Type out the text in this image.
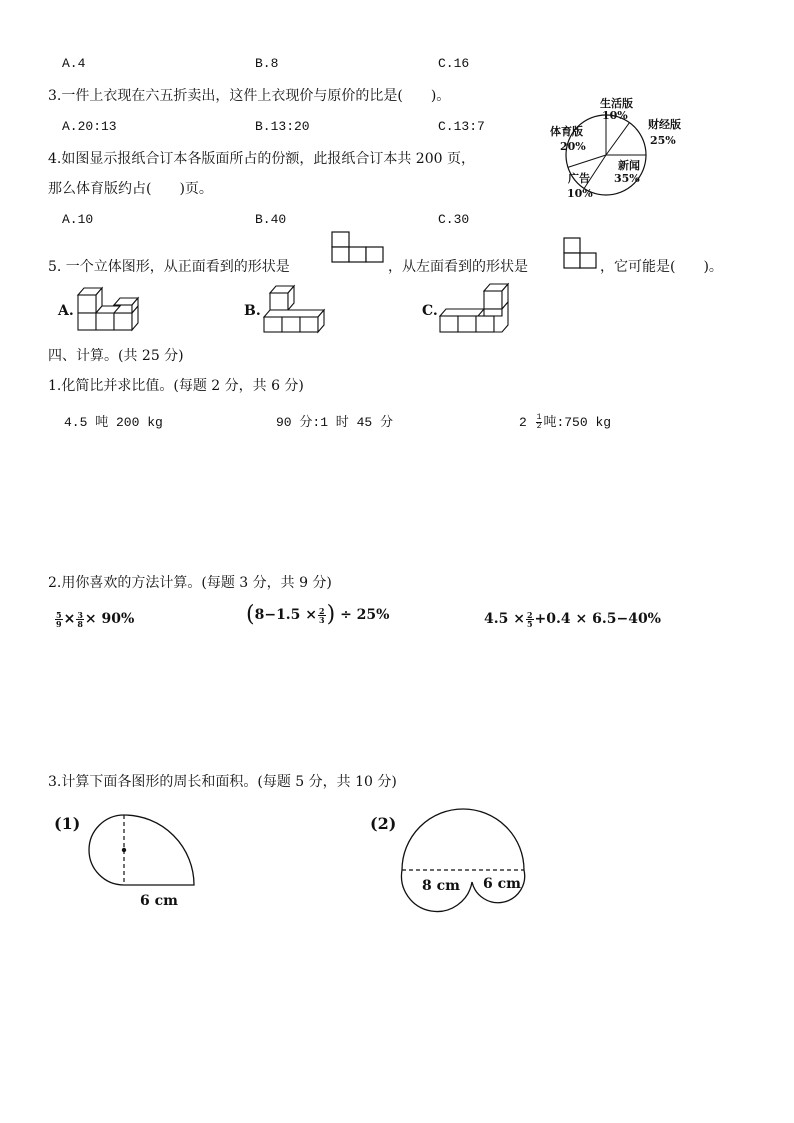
A.4	B.8	C.16
3.一件上衣现在六五折卖出，这件上衣现价与原价的比是(　　)。
A.20:13	B.13:20	C.13:7
4.如图显示报纸合订本各版面所占的份额，此报纸合订本共 200 页，
那么体育版约占(　　)页。
A.10	B.40	C.30
生活版
10%
财经版
25%
新闻
35%
广告
10%
体育版
20%
5. 一个立体图形，从正面看到的形状是	，从左面看到的形状是	，它可能是(　　)。
A.	B.	C.
四、计算。(共 25 分)
1.化简比并求比值。(每题 2 分，共 6 分)
4.5 吨 200 kg	90 分:1 时 45 分	$2 \frac{1}{2}$ 吨:750 kg
2.用你喜欢的方法计算。(每题 3 分，共 9 分)
$\frac{5}{9} \times \frac{3}{8} \times 90\%$	($8-1.5 \times \frac{2}{3}$ ) ÷ 25%	$4.5 \times \frac{2}{5} +0.4 \times 6.5-40\%$
3.计算下面各图形的周长和面积。(每题 5 分，共 10 分)
(1)
6 cm
(2)
8 cm 6 cm
